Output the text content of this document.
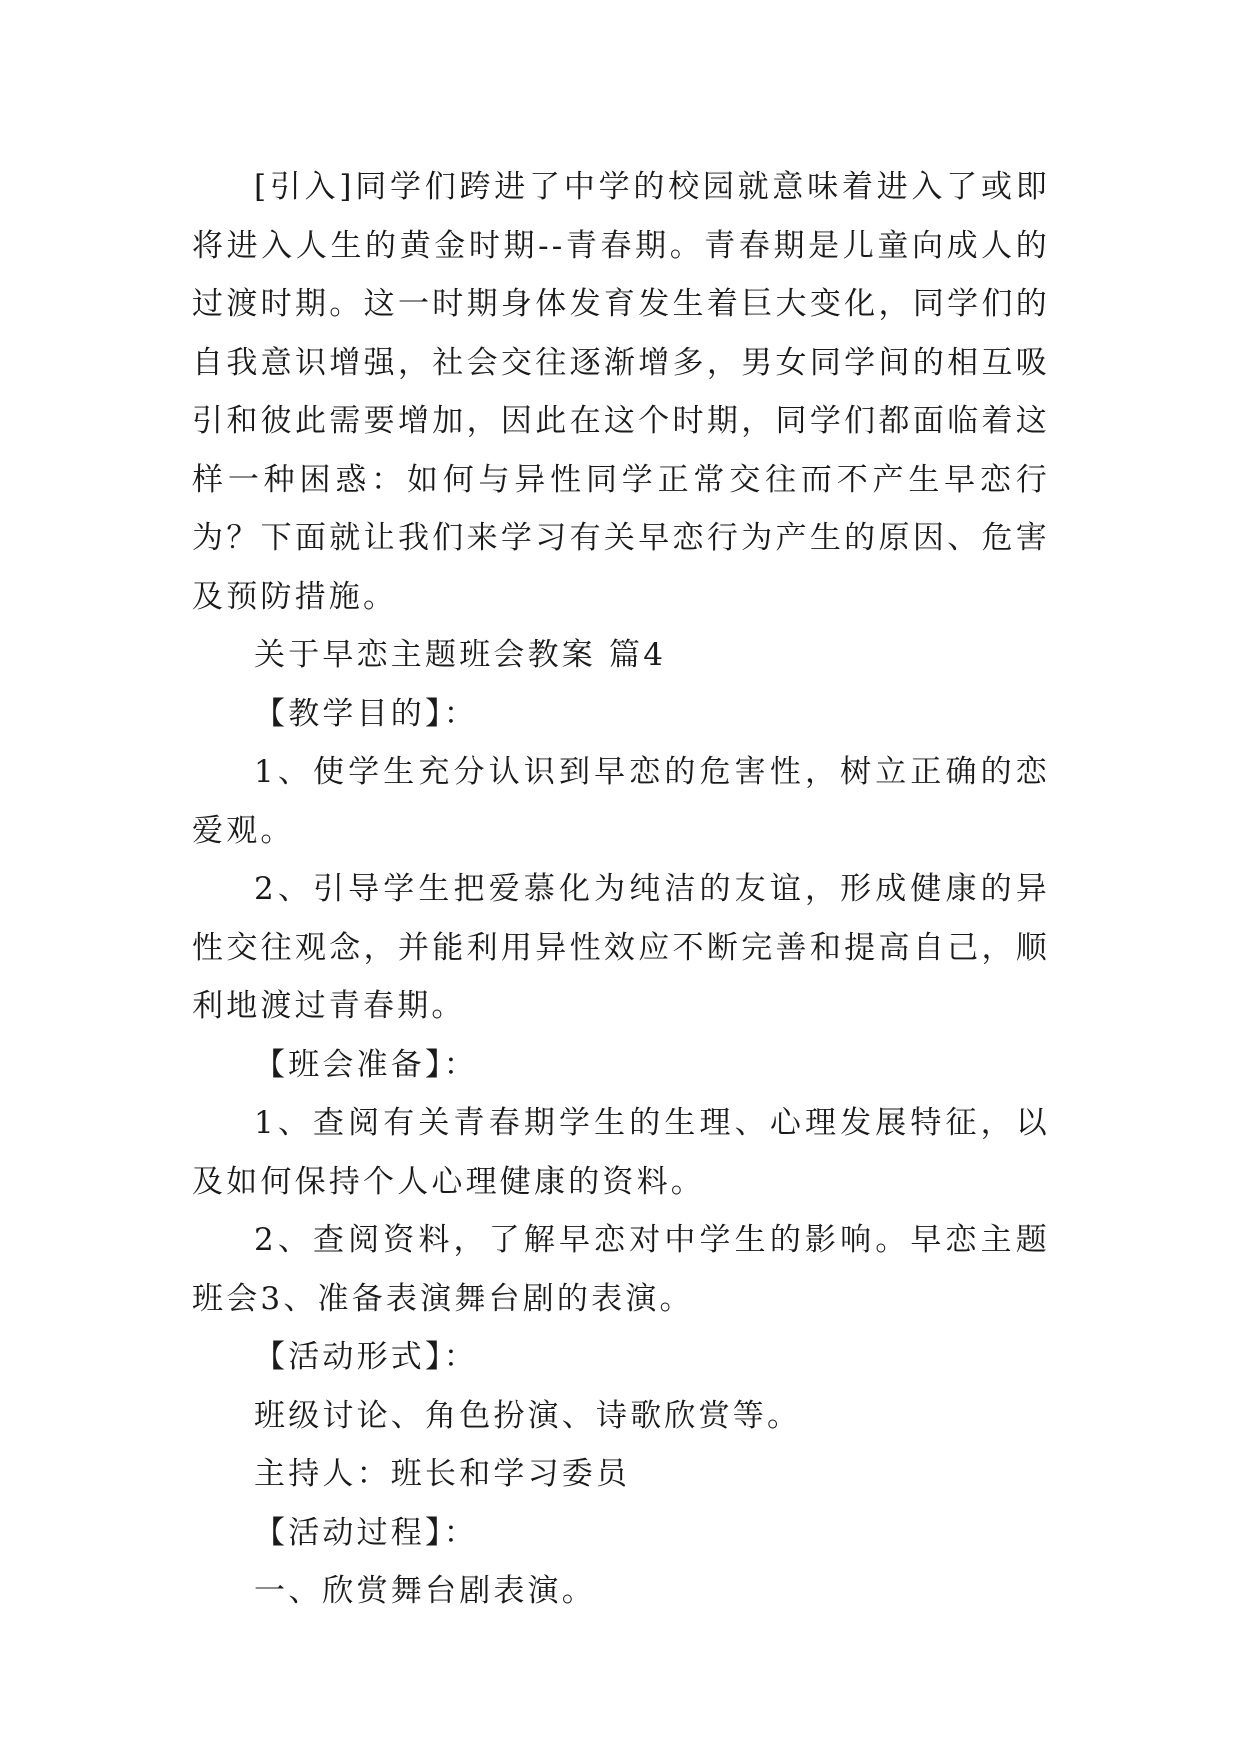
[引入]同学们跨进了中学的校园就意味着进入了或即将进入人生的黄金时期--青春期。青春期是儿童向成人的过渡时期。这一时期身体发育发生着巨大变化，同学们的自我意识增强，社会交往逐渐增多，男女同学间的相互吸引和彼此需要增加，因此在这个时期，同学们都面临着这样一种困惑：如何与异性同学正常交往而不产生早恋行为？下面就让我们来学习有关早恋行为产生的原因、危害及预防措施。

关于早恋主题班会教案 篇4

【教学目的】：

1、使学生充分认识到早恋的危害性，树立正确的恋爱观。

2、引导学生把爱慕化为纯洁的友谊，形成健康的异性交往观念，并能利用异性效应不断完善和提高自己，顺利地渡过青春期。

【班会准备】：

1、查阅有关青春期学生的生理、心理发展特征，以及如何保持个人心理健康的资料。

2、查阅资料，了解早恋对中学生的影响。早恋主题班会3、准备表演舞台剧的表演。

【活动形式】：

班级讨论、角色扮演、诗歌欣赏等。

主持人：班长和学习委员

【活动过程】：

一、欣赏舞台剧表演。
